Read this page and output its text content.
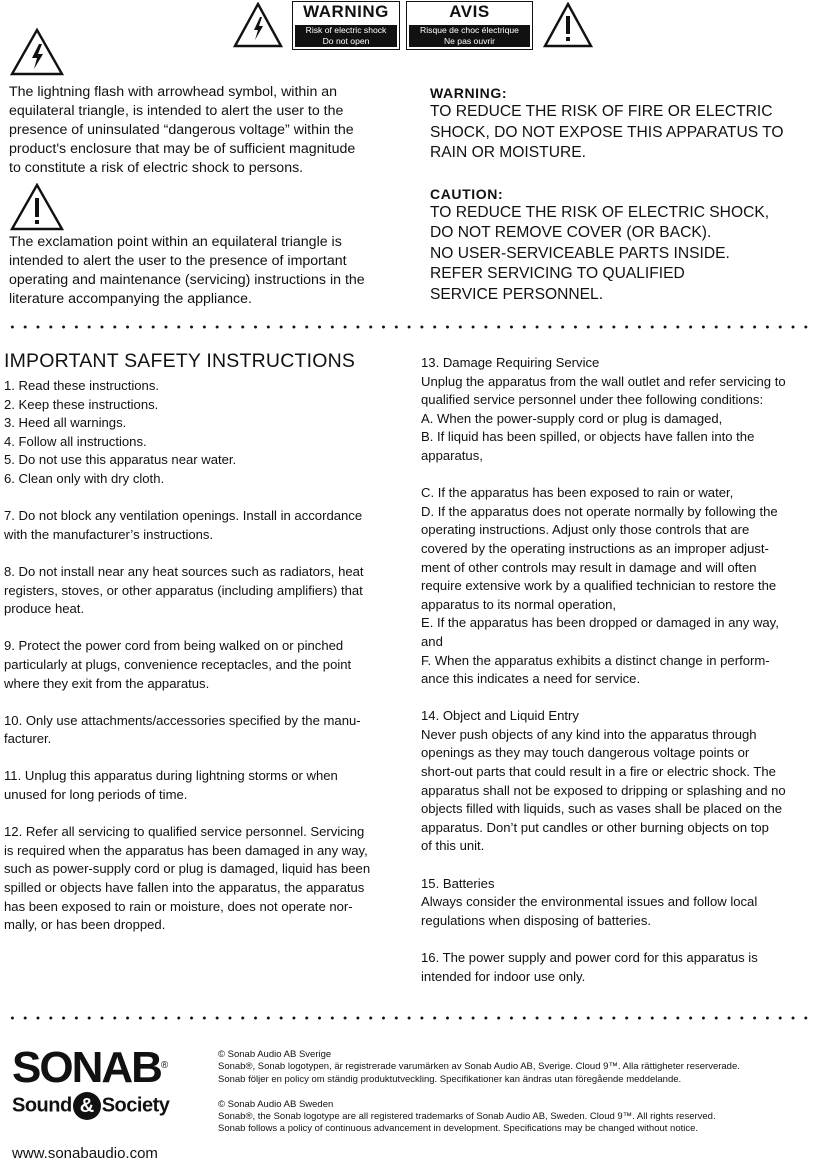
WARNING
Risk of electric shock
Do not open
AVIS
Risque de choc électrique
Ne pas ouvrir

The lightning flash with arrowhead symbol, within an

equilateral triangle, is intended to alert the user to the

presence of uninsulated “dangerous voltage” within the

product's enclosure that may be of sufficient magnitude

to constitute a risk of electric shock to persons.

The exclamation point within an equilateral triangle is

intended to alert the user to the presence of important

operating and maintenance (servicing) instructions in the

literature accompanying the appliance.

WARNING:
TO REDUCE THE RISK OF FIRE OR ELECTRIC
SHOCK, DO NOT EXPOSE THIS APPARATUS TO
RAIN OR MOISTURE.
CAUTION:
TO REDUCE THE RISK OF ELECTRIC SHOCK,
DO NOT REMOVE COVER (OR BACK).
NO USER-SERVICEABLE PARTS INSIDE.
REFER SERVICING TO QUALIFIED
SERVICE PERSONNEL.
IMPORTANT SAFETY INSTRUCTIONS
1. Read these instructions.
2. Keep these instructions.
3. Heed all warnings.
4. Follow all instructions.
5. Do not use this apparatus near water.
6. Clean only with dry cloth.
7. Do not block any ventilation openings. Install in accordance
with the manufacturer’s instructions.
8. Do not install near any heat sources such as radiators, heat
registers, stoves, or other apparatus (including amplifiers) that
produce heat.
9. Protect the power cord from being walked on or pinched
particularly at plugs, convenience receptacles, and the point
where they exit from the apparatus.
10. Only use attachments/accessories specified by the manu-
facturer.
11. Unplug this apparatus during lightning storms or when
unused for long periods of time.
12. Refer all servicing to qualified service personnel. Servicing
is required when the apparatus has been damaged in any way,
such as power-supply cord or plug is damaged, liquid has been
spilled or objects have fallen into the apparatus, the apparatus
has been exposed to rain or moisture, does not operate nor-
mally, or has been dropped.
13. Damage Requiring Service
Unplug the apparatus from the wall outlet and refer servicing to
qualified service personnel under thee following conditions:
A. When the power-supply cord or plug is damaged,
B. If liquid has been spilled, or objects have fallen into the
apparatus,
C. If the apparatus has been exposed to rain or water,
D. If the apparatus does not operate normally by following the
operating instructions. Adjust only those controls that are
covered by the operating instructions as an improper adjust-
ment of other controls may result in damage and will often
require extensive work by a qualified technician to restore the
apparatus to its normal operation,
E. If the apparatus has been dropped or damaged in any way,
and
F. When the apparatus exhibits a distinct change in perform-
ance this indicates a need for service.
14. Object and Liquid Entry
Never push objects of any kind into the apparatus through
openings as they may touch dangerous voltage points or
short-out parts that could result in a fire or electric shock. The
apparatus shall not be exposed to dripping or splashing and no
objects filled with liquids, such as vases shall be placed on the
apparatus. Don’t put candles or other burning objects on top
of this unit.
15. Batteries
Always consider the environmental issues and follow local
regulations when disposing of batteries.
16. The power supply and power cord for this apparatus is
intended for indoor use only.
SONAB®
Sound & Society
www.sonabaudio.com
© Sonab Audio AB Sverige
Sonab®, Sonab logotypen, är registrerade varumärken av Sonab Audio AB, Sverige. Cloud 9™. Alla rättigheter reserverade.
Sonab följer en policy om ständig produktutveckling. Specifikationer kan ändras utan föregående meddelande.
© Sonab Audio AB Sweden
Sonab®, the Sonab logotype are all registered trademarks of Sonab Audio AB, Sweden. Cloud 9™. All rights reserved.
Sonab follows a policy of continuous advancement in development. Specifications may be changed without notice.
